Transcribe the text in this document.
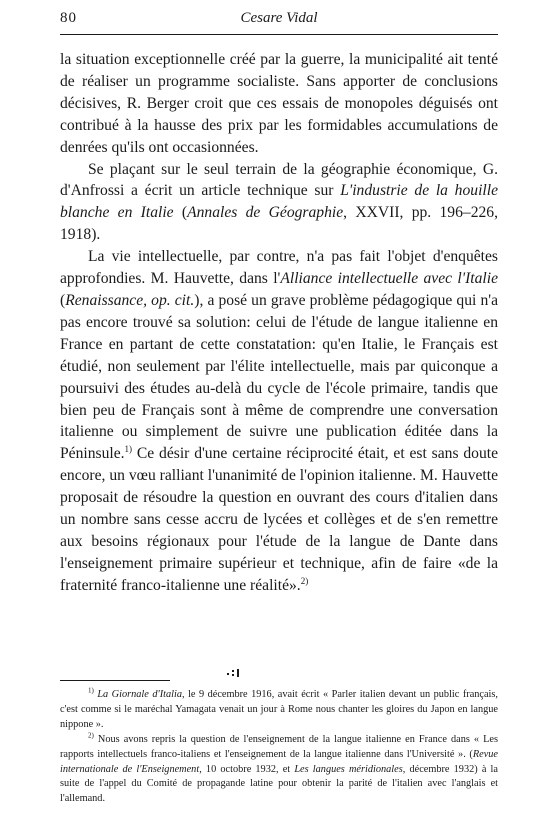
80	Cesare Vidal

la situation exceptionnelle créé par la guerre, la municipalité ait tenté de réaliser un programme socialiste. Sans apporter de conclusions décisives, R. Berger croit que ces essais de monopoles déguisés ont contribué à la hausse des prix par les formidables accumulations de denrées qu'ils ont occasionnées.

Se plaçant sur le seul terrain de la géographie économique, G. d'Anfrossi a écrit un article technique sur L'industrie de la houille blanche en Italie (Annales de Géographie, XXVII, pp. 196–226, 1918).

La vie intellectuelle, par contre, n'a pas fait l'objet d'enquêtes approfondies. M. Hauvette, dans l'Alliance intellectuelle avec l'Italie (Renaissance, op. cit.), a posé un grave problème pédagogique qui n'a pas encore trouvé sa solution: celui de l'étude de langue italienne en France en partant de cette constatation: qu'en Italie, le Français est étudié, non seulement par l'élite intellectuelle, mais par quiconque a poursuivi des études au-delà du cycle de l'école primaire, tandis que bien peu de Français sont à même de comprendre une conversation italienne ou simplement de suivre une publication éditée dans la Péninsule.$^{1)}$ Ce désir d'une certaine réciprocité était, et est sans doute encore, un vœu ralliant l'unanimité de l'opinion italienne. M. Hauvette proposait de résoudre la question en ouvrant des cours d'italien dans un nombre sans cesse accru de lycées et collèges et de s'en remettre aux besoins régionaux pour l'étude de la langue de Dante dans l'enseignement primaire supérieur et technique, afin de faire «de la fraternité franco-italienne une réalité».$^{2)}$

$^{1)}$ La Giornale d'Italia, le 9 décembre 1916, avait écrit « Parler italien devant un public français, c'est comme si le maréchal Yamagata venait un jour à Rome nous chanter les gloires du Japon en langue nippone ».

$^{2)}$ Nous avons repris la question de l'enseignement de la langue italienne en France dans « Les rapports intellectuels franco-italiens et l'enseignement de la langue italienne dans l'Université ». (Revue internationale de l'Enseignement, 10 octobre 1932, et Les langues méridionales, décembre 1932) à la suite de l'appel du Comité de propagande latine pour obtenir la parité de l'italien avec l'anglais et l'allemand.
